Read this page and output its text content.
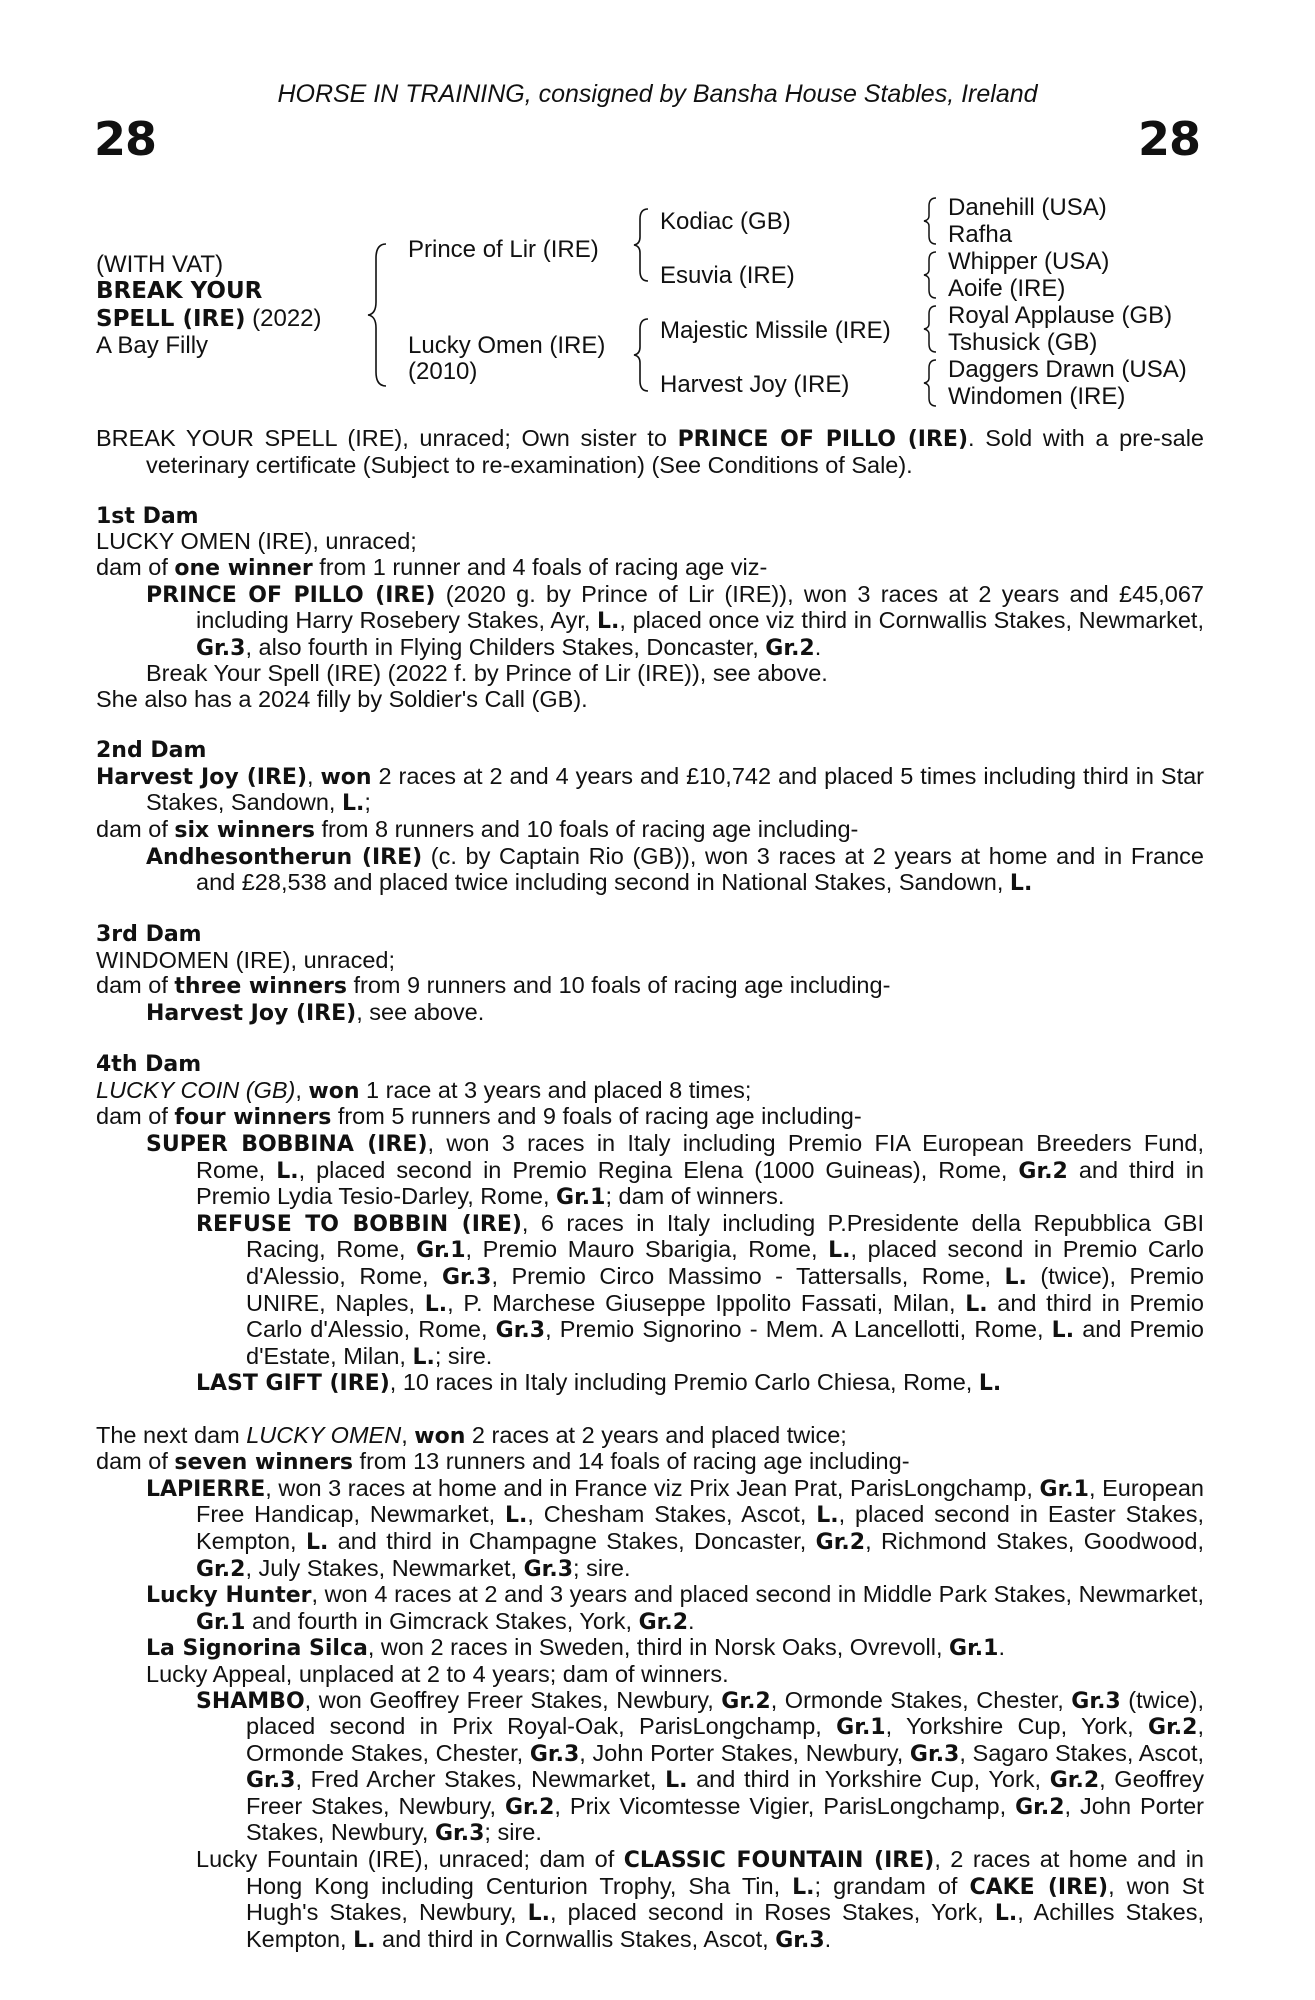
HORSE IN TRAINING, consigned by Bansha House Stables, Ireland
28	28
(WITH VAT)
BREAK YOUR
SPELL (IRE) (2022)
A Bay Filly
Prince of Lir (IRE)
Lucky Omen (IRE)
(2010)
Kodiac (GB)
Esuvia (IRE)
Majestic Missile (IRE)
Harvest Joy (IRE)
Danehill (USA)
Rafha
Whipper (USA)
Aoife (IRE)
Royal Applause (GB)
Tshusick (GB)
Daggers Drawn (USA)
Windomen (IRE)

BREAK YOUR SPELL (IRE), unraced; Own sister to PRINCE OF PILLO (IRE). Sold with a pre-sale veterinary certificate (Subject to re-examination) (See Conditions of Sale).

1st Dam

LUCKY OMEN (IRE), unraced;

dam of one winner from 1 runner and 4 foals of racing age viz-

PRINCE OF PILLO (IRE) (2020 g. by Prince of Lir (IRE)), won 3 races at 2 years and £45,067 including Harry Rosebery Stakes, Ayr, L., placed once viz third in Cornwallis Stakes, Newmarket, Gr.3, also fourth in Flying Childers Stakes, Doncaster, Gr.2.

Break Your Spell (IRE) (2022 f. by Prince of Lir (IRE)), see above.

She also has a 2024 filly by Soldier's Call (GB).

2nd Dam

Harvest Joy (IRE), won 2 races at 2 and 4 years and £10,742 and placed 5 times including third in Star Stakes, Sandown, L.;

dam of six winners from 8 runners and 10 foals of racing age including-

Andhesontherun (IRE) (c. by Captain Rio (GB)), won 3 races at 2 years at home and in France and £28,538 and placed twice including second in National Stakes, Sandown, L.

3rd Dam

WINDOMEN (IRE), unraced;

dam of three winners from 9 runners and 10 foals of racing age including-

Harvest Joy (IRE), see above.

4th Dam

LUCKY COIN (GB), won 1 race at 3 years and placed 8 times;

dam of four winners from 5 runners and 9 foals of racing age including-

SUPER BOBBINA (IRE), won 3 races in Italy including Premio FIA European Breeders Fund, Rome, L., placed second in Premio Regina Elena (1000 Guineas), Rome, Gr.2 and third in Premio Lydia Tesio-Darley, Rome, Gr.1; dam of winners.

REFUSE TO BOBBIN (IRE), 6 races in Italy including P.Presidente della Repubblica GBI Racing, Rome, Gr.1, Premio Mauro Sbarigia, Rome, L., placed second in Premio Carlo d'Alessio, Rome, Gr.3, Premio Circo Massimo - Tattersalls, Rome, L. (twice), Premio UNIRE, Naples, L., P. Marchese Giuseppe Ippolito Fassati, Milan, L. and third in Premio Carlo d'Alessio, Rome, Gr.3, Premio Signorino - Mem. A Lancellotti, Rome, L. and Premio d'Estate, Milan, L.; sire.

LAST GIFT (IRE), 10 races in Italy including Premio Carlo Chiesa, Rome, L.

The next dam LUCKY OMEN, won 2 races at 2 years and placed twice;

dam of seven winners from 13 runners and 14 foals of racing age including-

LAPIERRE, won 3 races at home and in France viz Prix Jean Prat, ParisLongchamp, Gr.1, European Free Handicap, Newmarket, L., Chesham Stakes, Ascot, L., placed second in Easter Stakes, Kempton, L. and third in Champagne Stakes, Doncaster, Gr.2, Richmond Stakes, Goodwood, Gr.2, July Stakes, Newmarket, Gr.3; sire.

Lucky Hunter, won 4 races at 2 and 3 years and placed second in Middle Park Stakes, Newmarket, Gr.1 and fourth in Gimcrack Stakes, York, Gr.2.

La Signorina Silca, won 2 races in Sweden, third in Norsk Oaks, Ovrevoll, Gr.1.

Lucky Appeal, unplaced at 2 to 4 years; dam of winners.

SHAMBO, won Geoffrey Freer Stakes, Newbury, Gr.2, Ormonde Stakes, Chester, Gr.3 (twice), placed second in Prix Royal-Oak, ParisLongchamp, Gr.1, Yorkshire Cup, York, Gr.2, Ormonde Stakes, Chester, Gr.3, John Porter Stakes, Newbury, Gr.3, Sagaro Stakes, Ascot, Gr.3, Fred Archer Stakes, Newmarket, L. and third in Yorkshire Cup, York, Gr.2, Geoffrey Freer Stakes, Newbury, Gr.2, Prix Vicomtesse Vigier, ParisLongchamp, Gr.2, John Porter Stakes, Newbury, Gr.3; sire.

Lucky Fountain (IRE), unraced; dam of CLASSIC FOUNTAIN (IRE), 2 races at home and in Hong Kong including Centurion Trophy, Sha Tin, L.; grandam of CAKE (IRE), won St Hugh's Stakes, Newbury, L., placed second in Roses Stakes, York, L., Achilles Stakes, Kempton, L. and third in Cornwallis Stakes, Ascot, Gr.3.
